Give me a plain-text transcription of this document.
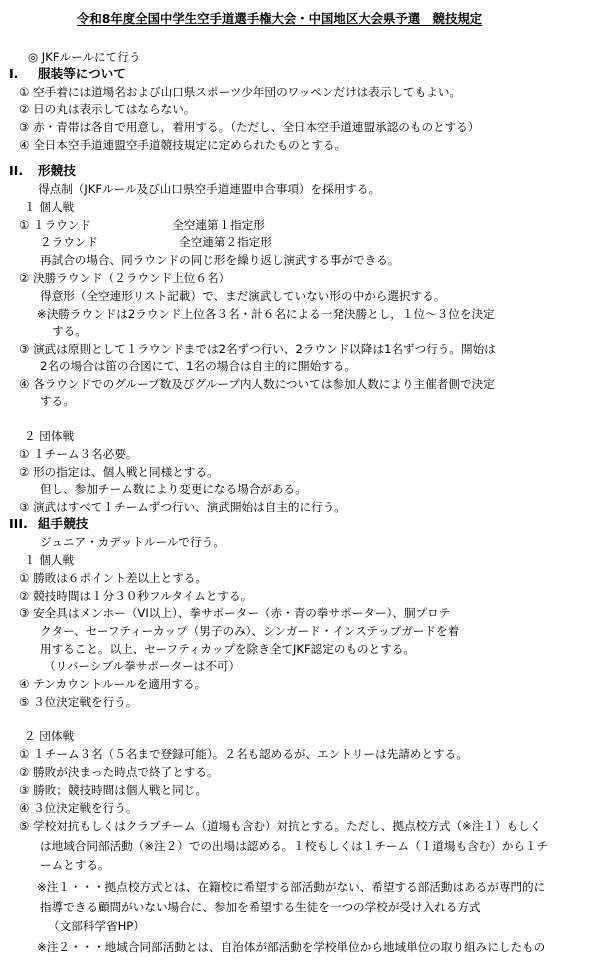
令和8年度全国中学生空手道選手権大会・中国地区大会県予選　競技規定
◎ JKFルールにて行う
I. 服装等について
① 空手着には道場名および山口県スポーツ少年団のワッペンだけは表示してもよい。
② 日の丸は表示してはならない。
③ 赤・青帯は各自で用意し，着用する。（ただし、全日本空手道連盟承認のものとする）
④ 全日本空手道連盟空手道競技規定に定められたものとする。
II. 形競技
得点制（JKFルール及び山口県空手道連盟申合事項）を採用する。
１ 個人戦
① １ラウンド　　　　　　　全空連第１指定形
２ラウンド　　　　　　　全空連第２指定形
再試合の場合、同ラウンドの同じ形を繰り返し演武する事ができる。
② 決勝ラウンド（２ラウンド上位６名）
得意形（全空連形リスト記載）で、まだ演武していない形の中から選択する。
※決勝ラウンドは2ラウンド上位各３名・計６名による一発決勝とし，１位〜３位を決定
する。
③ 演武は原則として１ラウンドまでは2名ずつ行い、2ラウンド以降は1名ずつ行う。開始は
2名の場合は笛の合図にて、1名の場合は自主的に開始する。
④ 各ラウンドでのグループ数及びグループ内人数については参加人数により主催者側で決定
する。
２ 団体戦
① １チーム３名必要。
② 形の指定は、個人戦と同様とする。
但し、参加チーム数により変更になる場合がある。
③ 演武はすべて１チームずつ行い、演武開始は自主的に行う。
III. 組手競技
ジュニア・カデットルールで行う。
１ 個人戦
① 勝敗は６ポイント差以上とする。
② 競技時間は１分３０秒フルタイムとする。
③ 安全具はメンホー（VI以上）、拳サポーター（赤・青の拳サポーター）、胴プロテ
クター、セーフティーカップ（男子のみ）、シンガード・インステップガードを着
用すること。以上、セーフティカップを除き全てJKF認定のものとする。
（リバーシブル拳サポーターは不可）
④ テンカウントルールを適用する。
⑤ ３位決定戦を行う。
２ 団体戦
① １チーム３名（５名まで登録可能）。２名も認めるが、エントリーは先請めとする。
② 勝敗が決まった時点で終了とする。
③ 勝敗；競技時間は個人戦と同じ。
④ ３位決定戦を行う。
⑤ 学校対抗もしくはクラブチーム（道場も含む）対抗とする。ただし、拠点校方式（※注１）もしく
は地域合同部活動（※注２）での出場は認める。１校もしくは１チーム（１道場も含む）から１チ
ームとする。
※注１・・・拠点校方式とは、在籍校に希望する部活動がない、希望する部活動はあるが専門的に
指導できる顧問がいない場合に、参加を希望する生徒を一つの学校が受け入れる方式
（文部科学省HP）
※注２・・・地域合同部活動とは、自治体が部活動を学校単位から地域単位の取り組みにしたもの
